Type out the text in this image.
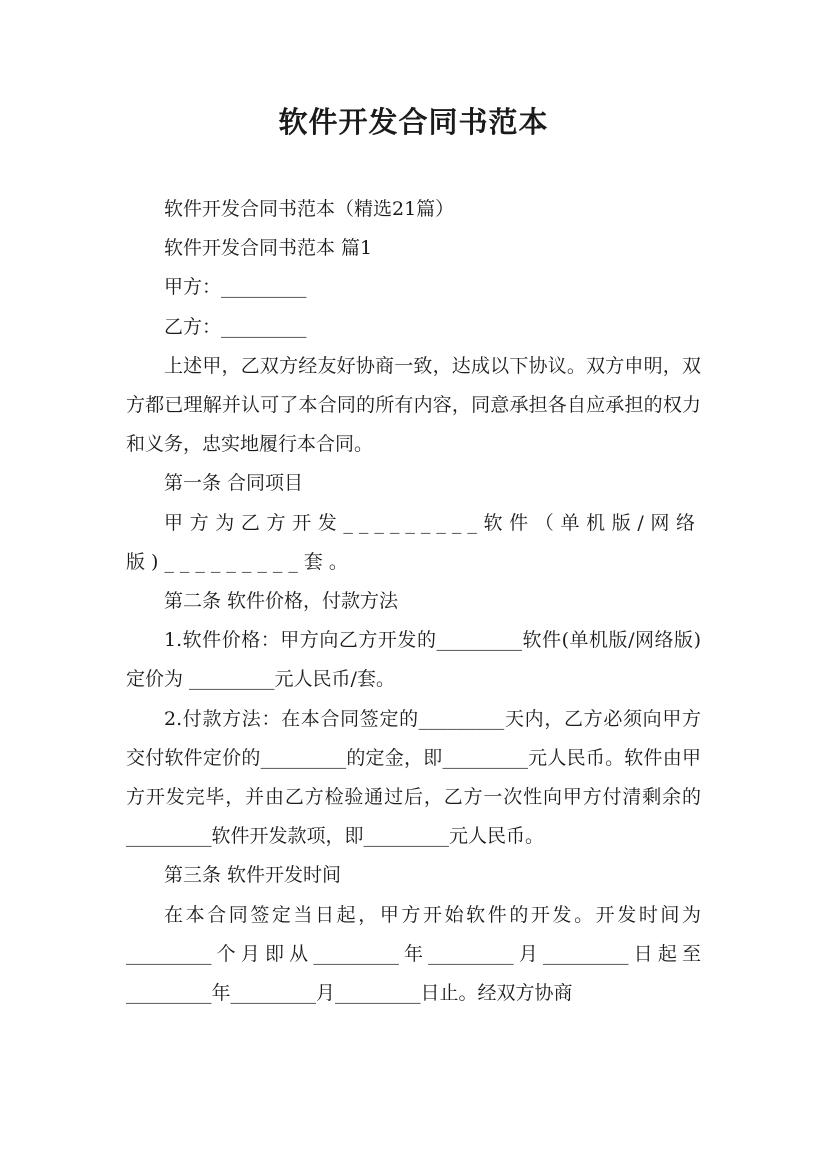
软件开发合同书范本

软件开发合同书范本（精选21篇）

软件开发合同书范本 篇1

甲方：_________

乙方：_________

上述甲，乙双方经友好协商一致，达成以下协议。双方申明，双方都已理解并认可了本合同的所有内容，同意承担各自应承担的权力和义务，忠实地履行本合同。

第一条 合同项目

甲方为乙方开发_________软件（单机版/网络版)_________套。

第二条 软件价格，付款方法

1.软件价格：甲方向乙方开发的_________软件(单机版/网络版)定价为 _________元人民币/套。

2.付款方法：在本合同签定的_________天内，乙方必须向甲方交付软件定价的_________的定金，即_________元人民币。软件由甲方开发完毕，并由乙方检验通过后，乙方一次性向甲方付清剩余的_________软件开发款项，即_________元人民币。

第三条 软件开发时间

在本合同签定当日起，甲方开始软件的开发。开发时间为_________个月即从_________年_________月_________日起至_________年_________月_________日止。经双方协商
